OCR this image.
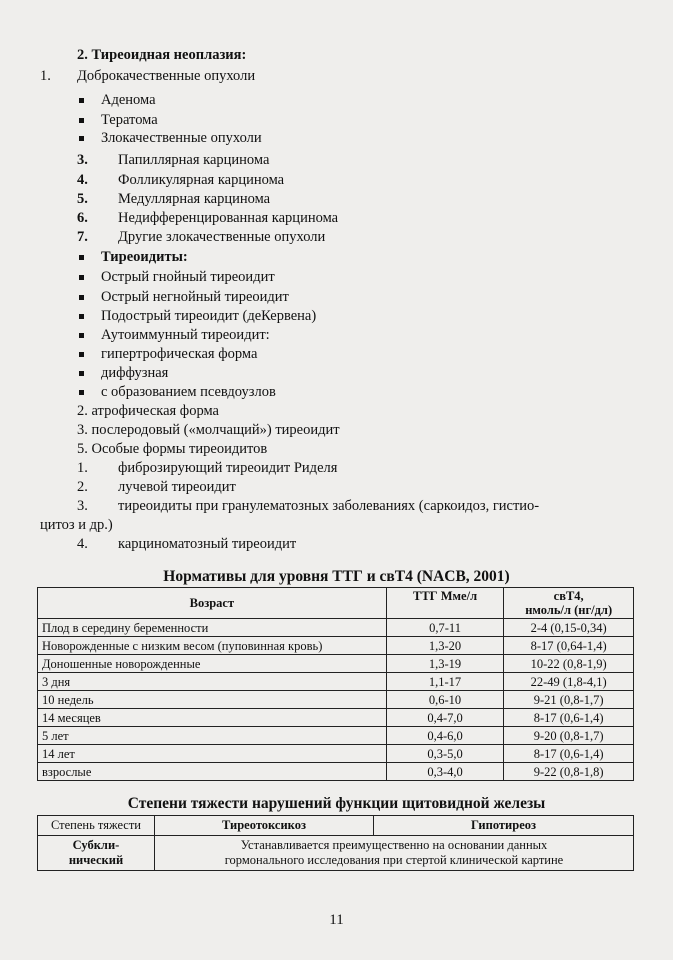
2. Тиреоидная неоплазия:
1. Доброкачественные опухоли
Аденома
Тератома
Злокачественные опухоли
3. Папиллярная карцинома
4. Фолликулярная карцинома
5. Медуллярная карцинома
6. Недифференцированная карцинома
7. Другие злокачественные опухоли
Тиреоидиты:
Острый гнойный тиреоидит
Острый негнойный тиреоидит
Подострый тиреоидит (деКервена)
Аутоиммунный тиреоидит:
гипертрофическая форма
диффузная
с образованием псевдоузлов
2. атрофическая форма
3. послеродовый («молчащий») тиреоидит
5. Особые формы тиреоидитов
1. фиброзирующий тиреоидит Риделя
2. лучевой тиреоидит
3. тиреоидиты при гранулематозных заболеваниях (саркоидоз, гистио-
цитоз и др.)
4. карциноматозный тиреоидит
Нормативы для уровня ТТГ и свТ4 (NACB, 2001)
Возраст	ТТГ Мме/л	свТ4,
нмоль/л (нг/дл)
Плод в середину беременности	0,7-11	2-4 (0,15-0,34)
Новорожденные с низким весом (пуповинная кровь)	1,3-20	8-17 (0,64-1,4)
Доношенные новорожденные	1,3-19	10-22 (0,8-1,9)
3 дня	1,1-17	22-49 (1,8-4,1)
10 недель	0,6-10	9-21 (0,8-1,7)
14 месяцев	0,4-7,0	8-17 (0,6-1,4)
5 лет	0,4-6,0	9-20 (0,8-1,7)
14 лет	0,3-5,0	8-17 (0,6-1,4)
взрослые	0,3-4,0	9-22 (0,8-1,8)
Степени тяжести нарушений функции щитовидной железы
Степень тяжести	Тиреотоксикоз	Гипотиреоз
Субкли-
нический	Устанавливается преимущественно на основании данных
гормонального исследования при стертой клинической картине	
11
